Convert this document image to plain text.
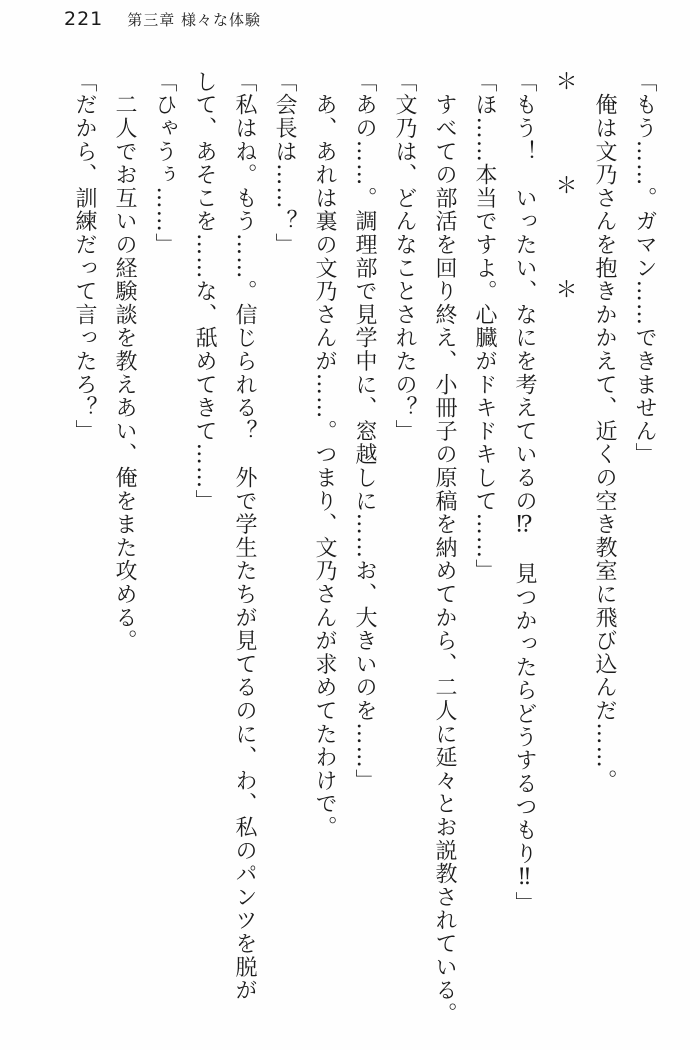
221 第三章 様々な体験

「もう……。ガマン……できません」

　俺は文乃さんを抱きかかえて、近くの空き教室に飛び込んだ……。

＊＊＊

「もう！　いったい、なにを考えているの⁉　見つかったらどうするつもり‼」

「ほ……本当ですよ。心臓がドキドキして……」

　すべての部活を回り終え、小冊子の原稿を納めてから、二人に延々とお説教されている。

「文乃は、どんなことされたの？」

「あの……。調理部で見学中に、窓越しに……お、大きいのを……」

　あ、あれは裏の文乃さんが……。つまり、文乃さんが求めてたわけで。

「会長は……？」

「私はね。もう……。信じられる？　外で学生たちが見てるのに、わ、私のパンツを脱が

して、あそこを……な、舐めてきて……」

「ひゃうぅ……」

　二人でお互いの経験談を教えあい、俺をまた攻める。

「だから、訓練だって言ったろ？」
